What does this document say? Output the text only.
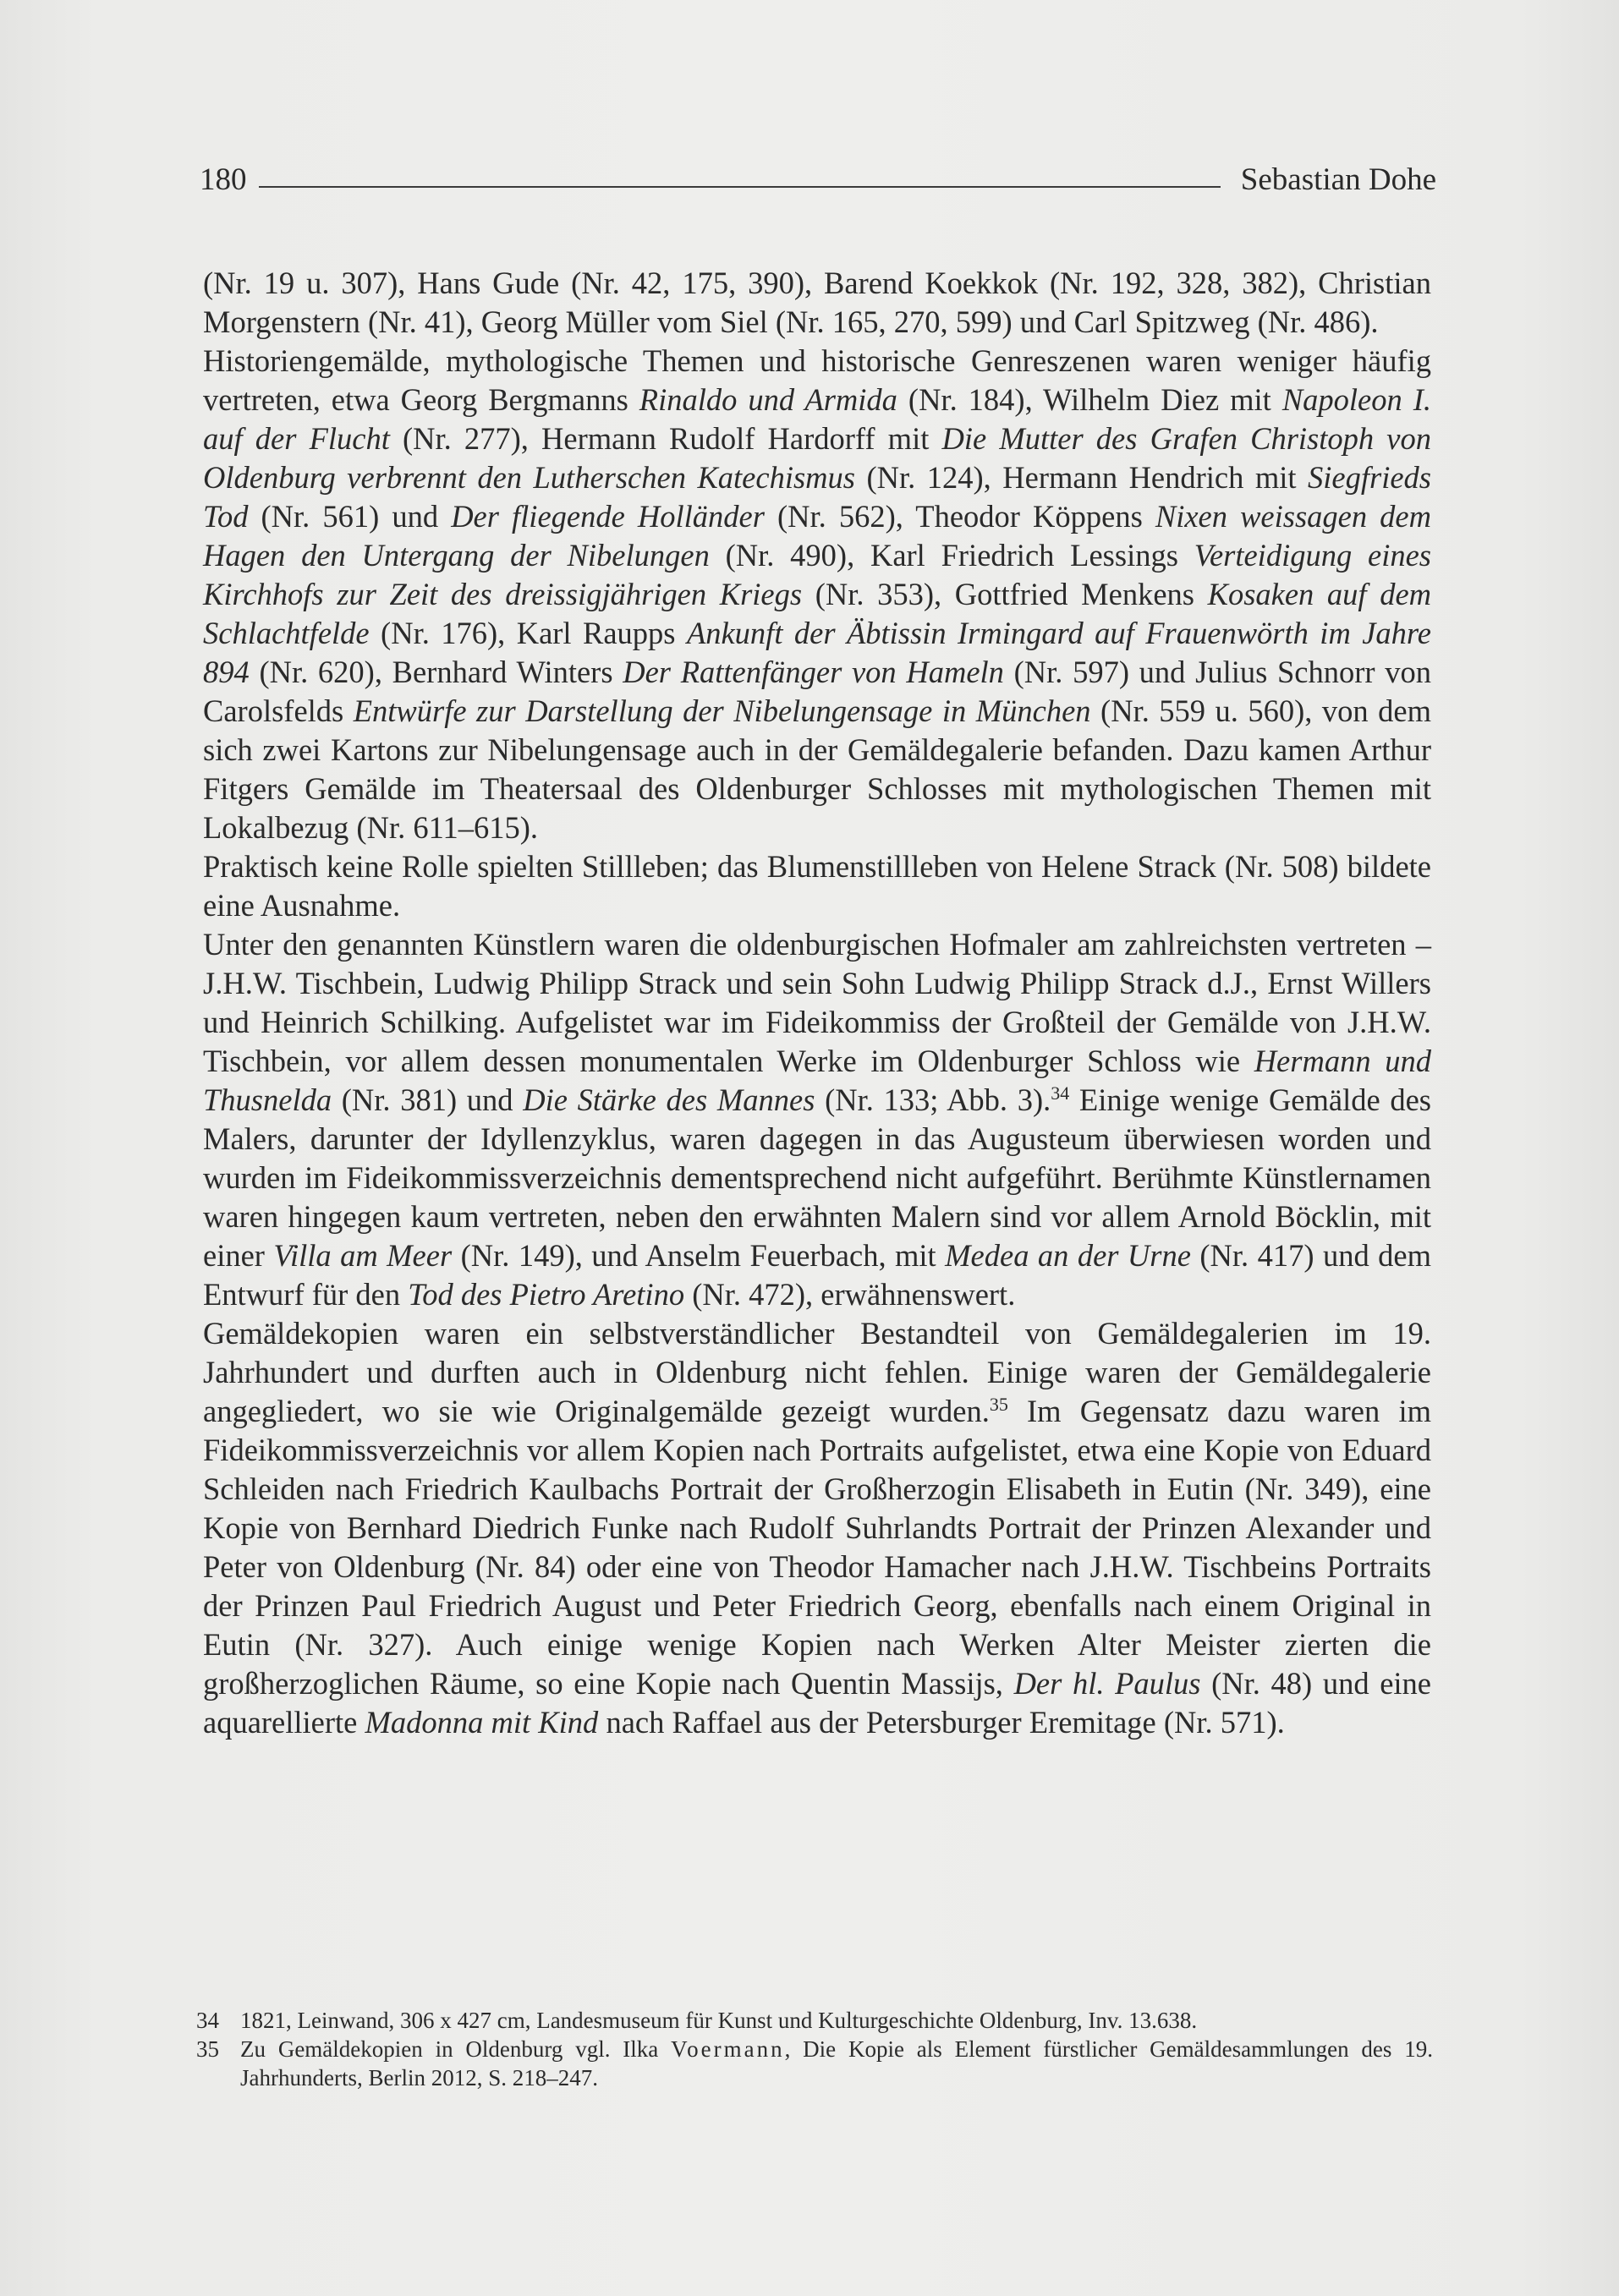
180	Sebastian Dohe

(Nr. 19 u. 307), Hans Gude (Nr. 42, 175, 390), Barend Koekkok (Nr. 192, 328, 382), Christian Morgenstern (Nr. 41), Georg Müller vom Siel (Nr. 165, 270, 599) und Carl Spitzweg (Nr. 486).

Historiengemälde, mythologische Themen und historische Genreszenen waren weniger häufig vertreten, etwa Georg Bergmanns Rinaldo und Armida (Nr. 184), Wilhelm Diez mit Napoleon I. auf der Flucht (Nr. 277), Hermann Rudolf Hardorff mit Die Mutter des Grafen Christoph von Oldenburg verbrennt den Lutherschen Katechismus (Nr. 124), Hermann Hendrich mit Siegfrieds Tod (Nr. 561) und Der fliegende Holländer (Nr. 562), Theodor Köppens Nixen weissagen dem Hagen den Untergang der Nibelungen (Nr. 490), Karl Friedrich Lessings Verteidigung eines Kirchhofs zur Zeit des dreissigjährigen Kriegs (Nr. 353), Gottfried Menkens Kosaken auf dem Schlachtfelde (Nr. 176), Karl Raupps Ankunft der Äbtissin Irmingard auf Frauenwörth im Jahre 894 (Nr. 620), Bernhard Winters Der Rattenfänger von Hameln (Nr. 597) und Julius Schnorr von Carolsfelds Entwürfe zur Darstellung der Nibelungensage in München (Nr. 559 u. 560), von dem sich zwei Kartons zur Nibelungensage auch in der Gemäldegalerie befanden. Dazu kamen Arthur Fitgers Gemälde im Theatersaal des Oldenburger Schlosses mit mythologischen Themen mit Lokalbezug (Nr. 611–615).

Praktisch keine Rolle spielten Stillleben; das Blumenstillleben von Helene Strack (Nr. 508) bildete eine Ausnahme.

Unter den genannten Künstlern waren die oldenburgischen Hofmaler am zahlreichsten vertreten – J.H.W. Tischbein, Ludwig Philipp Strack und sein Sohn Ludwig Philipp Strack d.J., Ernst Willers und Heinrich Schilking. Aufgelistet war im Fideikommiss der Großteil der Gemälde von J.H.W. Tischbein, vor allem dessen monumentalen Werke im Oldenburger Schloss wie Hermann und Thusnelda (Nr. 381) und Die Stärke des Mannes (Nr. 133; Abb. 3).$^{34}$ Einige wenige Gemälde des Malers, darunter der Idyllenzyklus, waren dagegen in das Augusteum überwiesen worden und wurden im Fideikommissverzeichnis dementsprechend nicht aufgeführt. Berühmte Künstlernamen waren hingegen kaum vertreten, neben den erwähnten Malern sind vor allem Arnold Böcklin, mit einer Villa am Meer (Nr. 149), und Anselm Feuerbach, mit Medea an der Urne (Nr. 417) und dem Entwurf für den Tod des Pietro Aretino (Nr. 472), erwähnenswert.

Gemäldekopien waren ein selbstverständlicher Bestandteil von Gemäldegalerien im 19. Jahrhundert und durften auch in Oldenburg nicht fehlen. Einige waren der Gemäldegalerie angegliedert, wo sie wie Originalgemälde gezeigt wurden.$^{35}$ Im Gegensatz dazu waren im Fideikommissverzeichnis vor allem Kopien nach Portraits aufgelistet, etwa eine Kopie von Eduard Schleiden nach Friedrich Kaulbachs Portrait der Großherzogin Elisabeth in Eutin (Nr. 349), eine Kopie von Bernhard Diedrich Funke nach Rudolf Suhrlandts Portrait der Prinzen Alexander und Peter von Oldenburg (Nr. 84) oder eine von Theodor Hamacher nach J.H.W. Tischbeins Portraits der Prinzen Paul Friedrich August und Peter Friedrich Georg, ebenfalls nach einem Original in Eutin (Nr. 327). Auch einige wenige Kopien nach Werken Alter Meister zierten die großherzoglichen Räume, so eine Kopie nach Quentin Massijs, Der hl. Paulus (Nr. 48) und eine aquarellierte Madonna mit Kind nach Raffael aus der Petersburger Eremitage (Nr. 571).

34 1821, Leinwand, 306 x 427 cm, Landesmuseum für Kunst und Kulturgeschichte Oldenburg, Inv. 13.638.
35 Zu Gemäldekopien in Oldenburg vgl. Ilka Voermann, Die Kopie als Element fürstlicher Gemäldesammlungen des 19. Jahrhunderts, Berlin 2012, S. 218–247.
